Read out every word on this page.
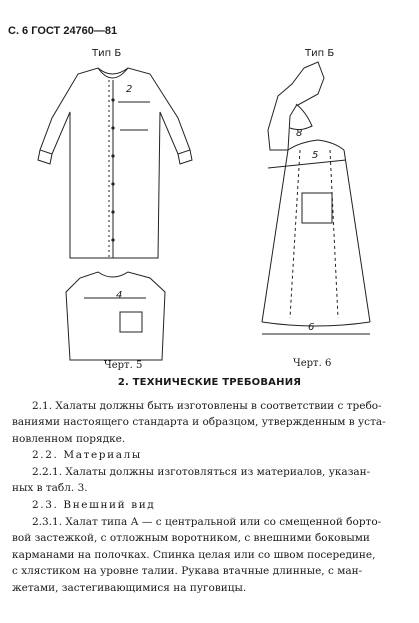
С. 6 ГОСТ 24760—81
Тип Б
2
4
Черт. 5
Тип Б
8
5
6
Черт. 6
2. ТЕХНИЧЕСКИЕ ТРЕБОВАНИЯ
2.1. Халаты должны быть изготовлены в соответствии с требо-
ваниями настоящего стандарта и образцом, утвержденным в уста-
новленном порядке.
2.2. Материалы
2.2.1. Халаты должны изготовляться из материалов, указан-
ных в табл. 3.
2.3. Внешний вид
2.3.1. Халат типа А — с центральной или со смещенной борто-
вой застежкой, с отложным воротником, с внешними боковыми
карманами на полочках. Спинка целая или со швом посередине,
с хлястиком на уровне талии. Рукава втачные длинные, с ман-
жетами, застегивающимися на пуговицы.
